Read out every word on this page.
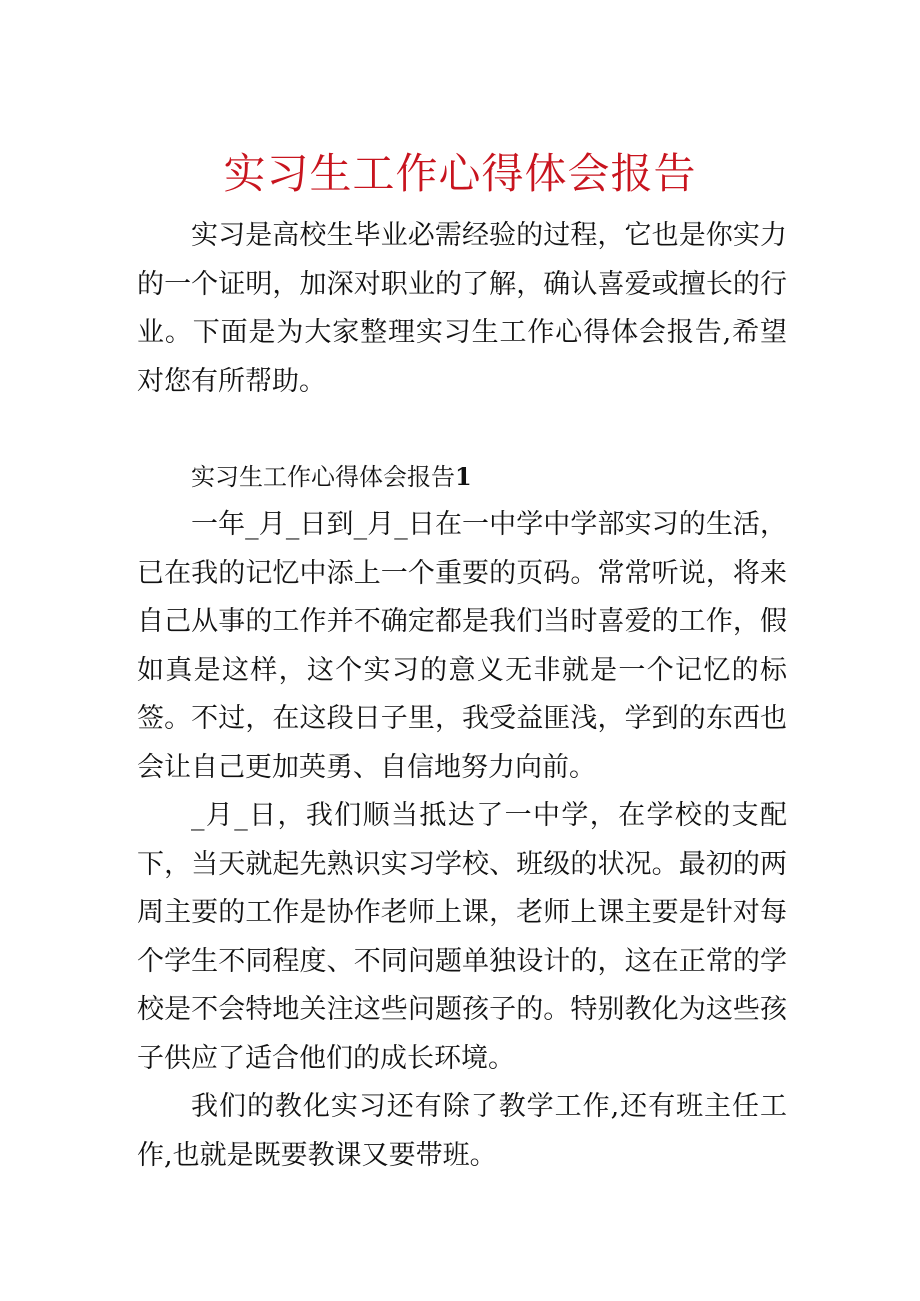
实习生工作心得体会报告

实习是高校生毕业必需经验的过程，它也是你实力的一个证明，加深对职业的了解，确认喜爱或擅长的行业。下面是为大家整理实习生工作心得体会报告,希望对您有所帮助。

实习生工作心得体会报告1

一年_月_日到_月_日在一中学中学部实习的生活，已在我的记忆中添上一个重要的页码。常常听说，将来自己从事的工作并不确定都是我们当时喜爱的工作，假如真是这样，这个实习的意义无非就是一个记忆的标签。不过，在这段日子里，我受益匪浅，学到的东西也会让自己更加英勇、自信地努力向前。

_月_日，我们顺当抵达了一中学，在学校的支配下，当天就起先熟识实习学校、班级的状况。最初的两周主要的工作是协作老师上课，老师上课主要是针对每个学生不同程度、不同问题单独设计的，这在正常的学校是不会特地关注这些问题孩子的。特别教化为这些孩子供应了适合他们的成长环境。

我们的教化实习还有除了教学工作,还有班主任工作,也就是既要教课又要带班。
